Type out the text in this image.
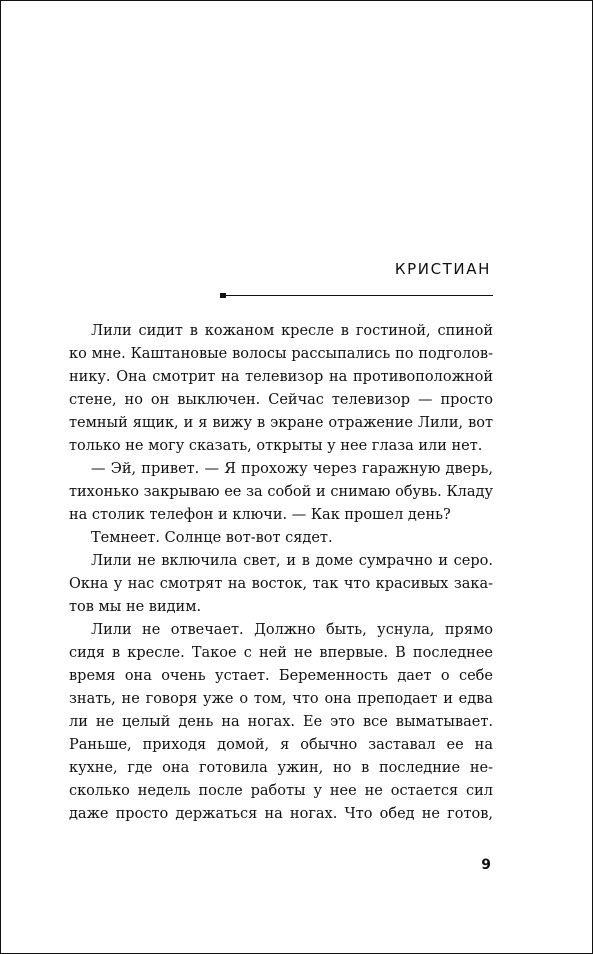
КРИСТИАН

Лили сидит в кожаном кресле в гостиной, спиной
ко мне. Каштановые волосы рассыпались по подголов-
нику. Она смотрит на телевизор на противоположной
стене, но он выключен. Сейчас телевизор — просто
темный ящик, и я вижу в экране отражение Лили, вот
только не могу сказать, открыты у нее глаза или нет.

— Эй, привет. — Я прохожу через гаражную дверь,
тихонько закрываю ее за собой и снимаю обувь. Кладу
на столик телефон и ключи. — Как прошел день?

Темнеет. Солнце вот-вот сядет.

Лили не включила свет, и в доме сумрачно и серо.
Окна у нас смотрят на восток, так что красивых зака-
тов мы не видим.

Лили не отвечает. Должно быть, уснула, прямо
сидя в кресле. Такое с ней не впервые. В последнее
время она очень устает. Беременность дает о себе
знать, не говоря уже о том, что она преподает и едва
ли не целый день на ногах. Ее это все выматывает.
Раньше, приходя домой, я обычно заставал ее на
кухне, где она готовила ужин, но в последние не-
сколько недель после работы у нее не остается сил
даже просто держаться на ногах. Что обед не готов,

9
